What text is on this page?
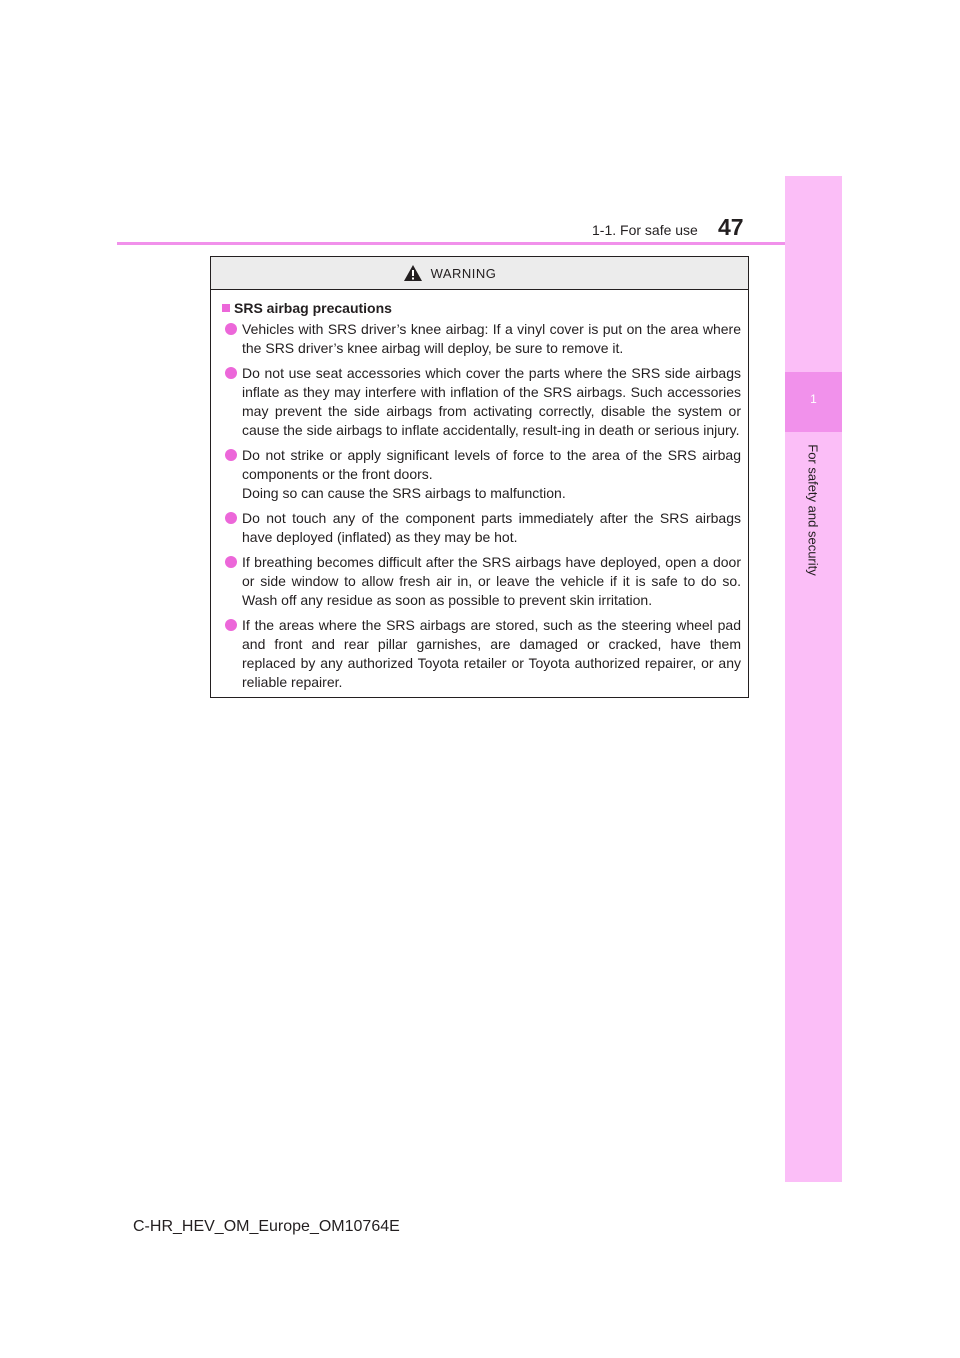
1
For safety and security
1-1. For safe use 47
WARNING
SRS airbag precautions
Vehicles with SRS driver’s knee airbag: If a vinyl cover is put on the area where the SRS driver’s knee airbag will deploy, be sure to remove it.
Do not use seat accessories which cover the parts where the SRS side airbags inflate as they may interfere with inflation of the SRS airbags. Such accessories may prevent the side airbags from activating correctly, disable the system or cause the side airbags to inflate accidentally, result-ing in death or serious injury.
Do not strike or apply significant levels of force to the area of the SRS airbag components or the front doors.
Doing so can cause the SRS airbags to malfunction.
Do not touch any of the component parts immediately after the SRS airbags have deployed (inflated) as they may be hot.
If breathing becomes difficult after the SRS airbags have deployed, open a door or side window to allow fresh air in, or leave the vehicle if it is safe to do so. Wash off any residue as soon as possible to prevent skin irritation.
If the areas where the SRS airbags are stored, such as the steering wheel pad and front and rear pillar garnishes, are damaged or cracked, have them replaced by any authorized Toyota retailer or Toyota authorized repairer, or any reliable repairer.
C-HR_HEV_OM_Europe_OM10764E
